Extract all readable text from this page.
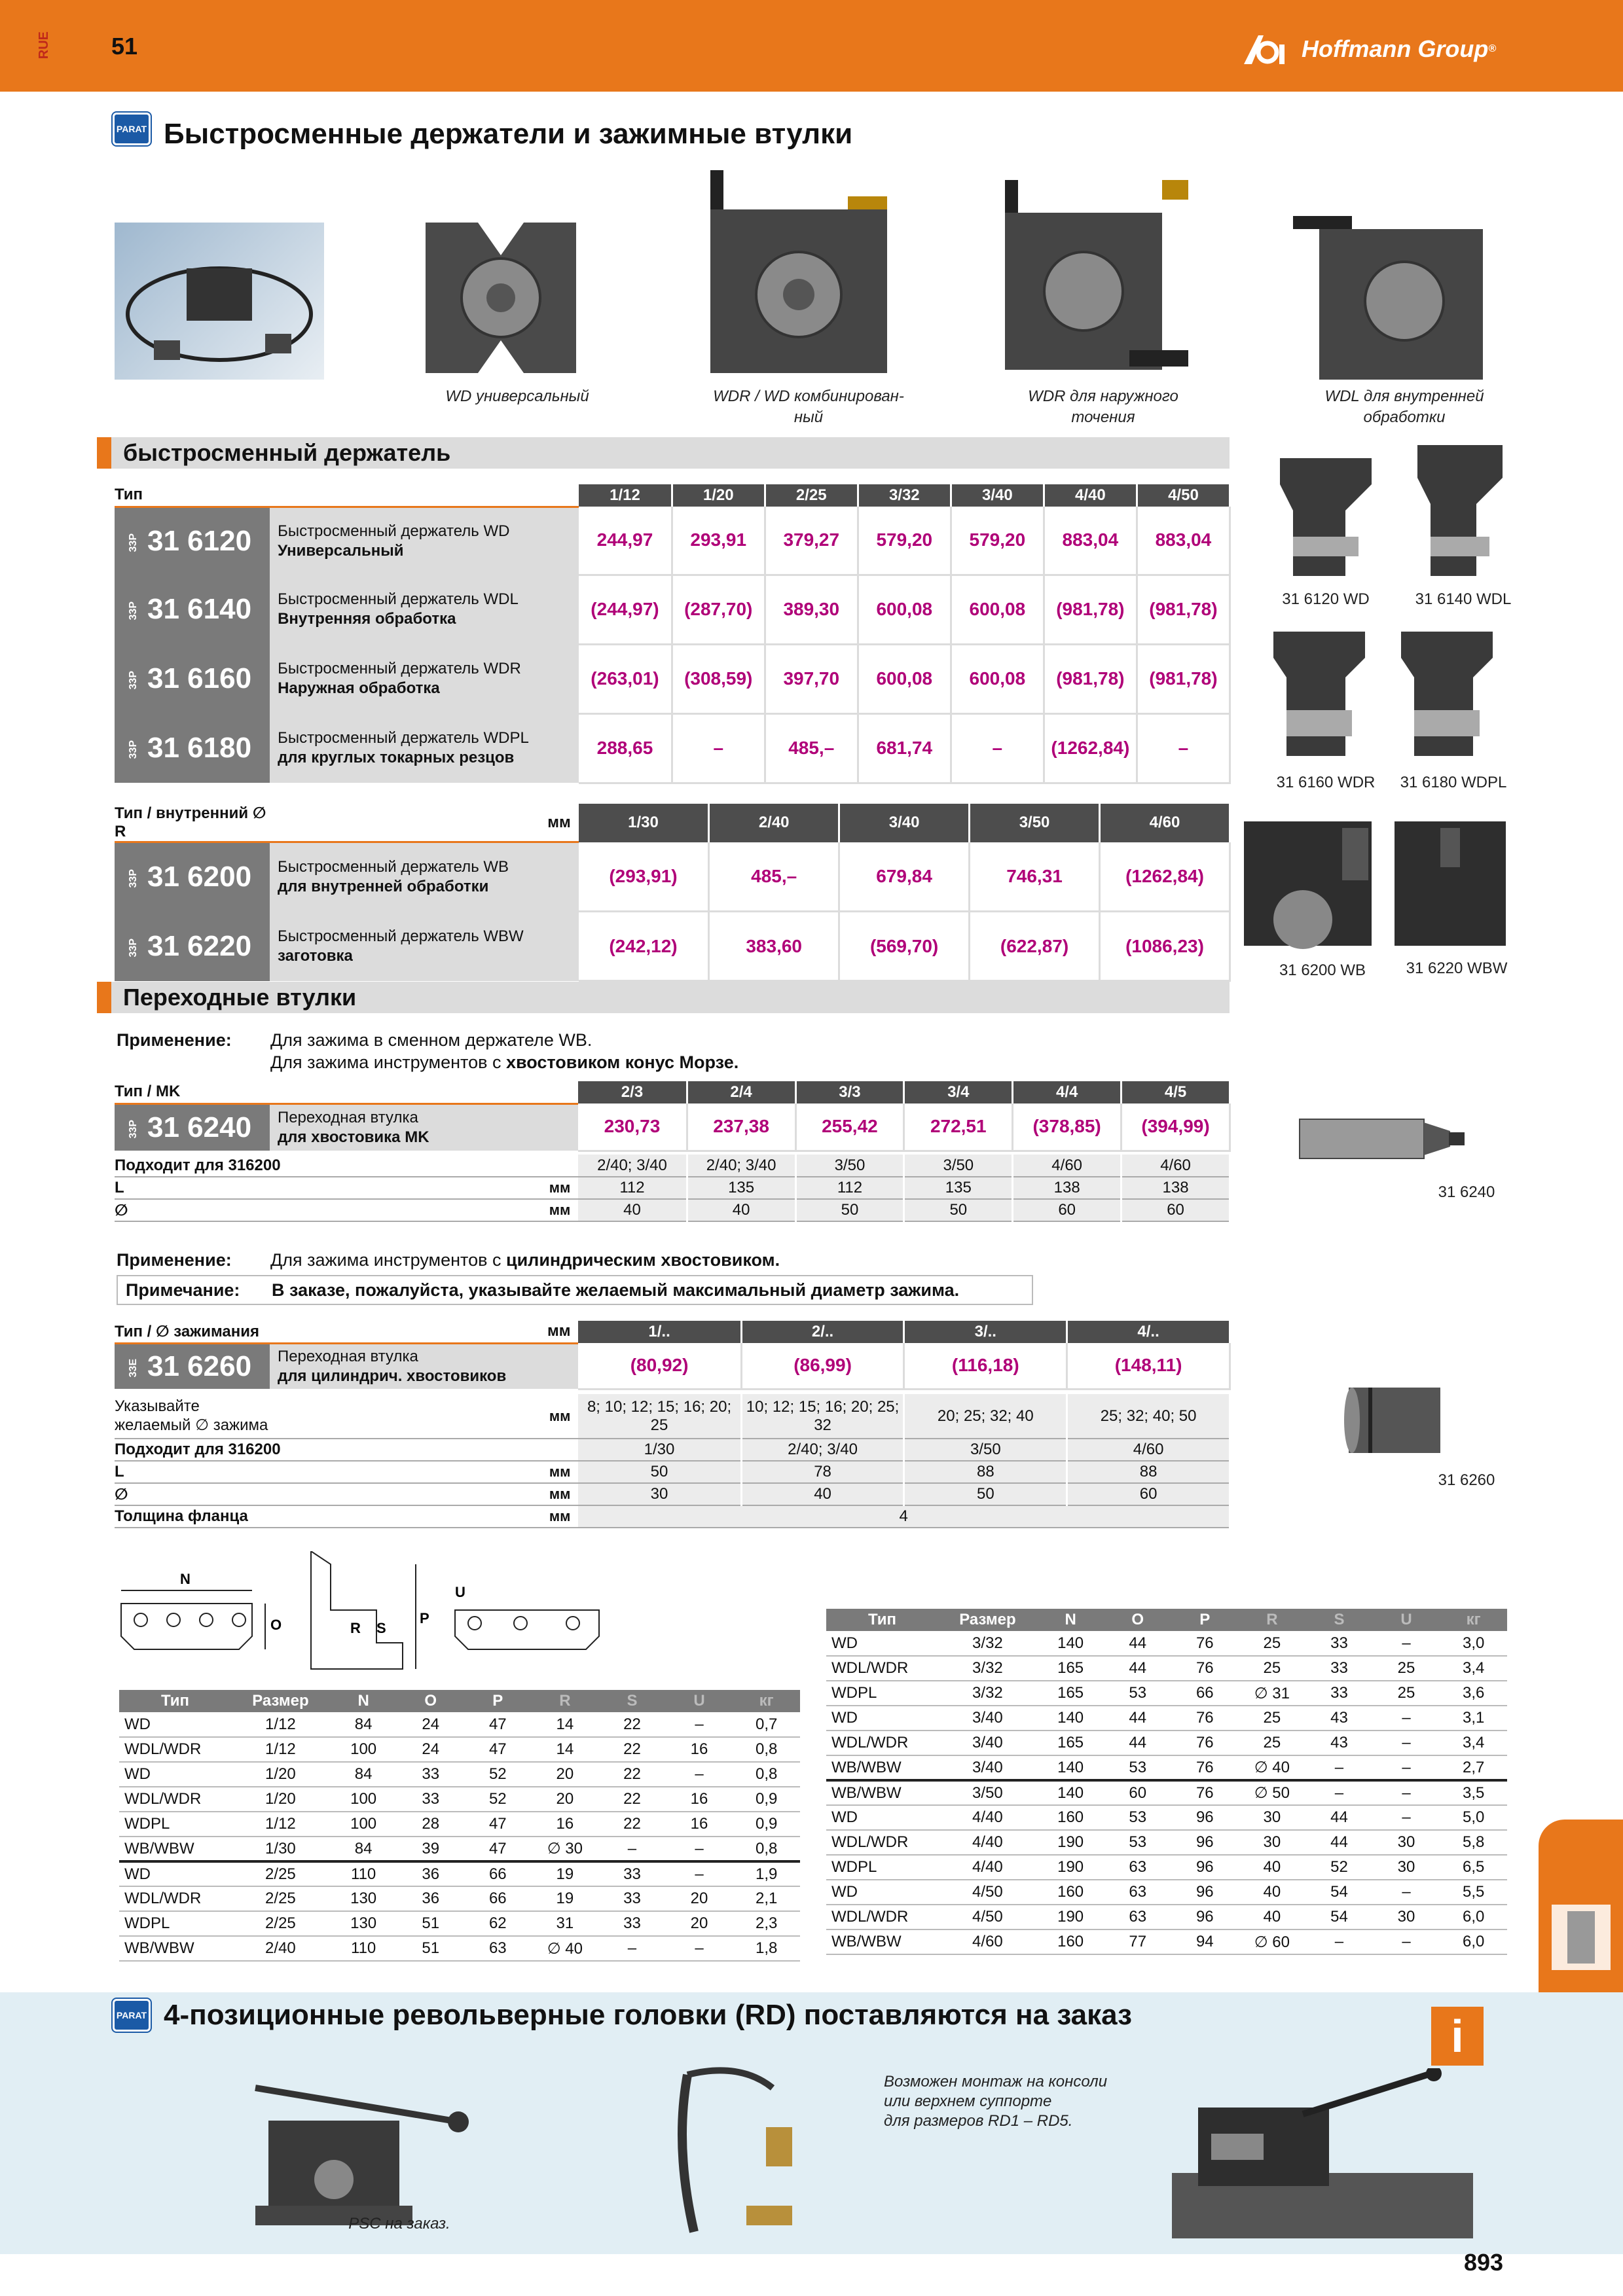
RUE	51	Hoffmann Group ®
PARAT Быстросменные держатели и зажимные втулки
WD универсальный	WDR / WD комбинирован-ный
WDR для наружного точения
WDL для внутренней обработки
быстросменный держатель
Тип		1/12	1/20	2/25	3/32	3/40	4/40	4/50
33P 31 6120	Быстросменный держатель WD
Универсальный	244,97	293,91	379,27	579,20	579,20	883,04	883,04
33P 31 6140	Быстросменный держатель WDL
Внутренняя обработка	(244,97)	(287,70)	389,30	600,08	600,08	(981,78)	(981,78)
33P 31 6160	Быстросменный держатель WDR
Наружная обработка	(263,01)	(308,59)	397,70	600,08	600,08	(981,78)	(981,78)
33P 31 6180	Быстросменный держатель WDPL
для круглых токарных резцов	288,65	–	485,–	681,74	–	(1262,84)	–
Тип / внутренний ∅ R	мм	1/30	2/40	3/40	3/50	4/60
33P 31 6200	Быстросменный держатель WB
для внутренней обработки	(293,91)	485,–	679,84	746,31	(1262,84)
33P 31 6220	Быстросменный держатель WBW
заготовка	(242,12)	383,60	(569,70)	(622,87)	(1086,23)
31 6120 WD	31 6140 WDL
31 6160 WDR	31 6180 WDPL
31 6200 WB	31 6220 WBW
Переходные втулки
Применение: Для зажима в сменном держателе WB.
Для зажима инструментов с хвостовиком конус Морзе.
Тип / MK		2/3	2/4	3/3	3/4	4/4	4/5
33P 31 6240	Переходная втулка
для хвостовика MK	230,73	237,38	255,42	272,51	(378,85)	(394,99)
Подходит для 316200		2/40; 3/40	2/40; 3/40	3/50	3/50	4/60	4/60
L	мм	112	135	112	135	138	138
∅	мм	40	40	50	50	60	60
31 6240
Применение: Для зажима инструментов с цилиндрическим хвостовиком.
Примечание: В заказе, пожалуйста, указывайте желаемый максимальный диаметр зажима.
Тип / ∅ зажимания	мм	1/..	2/..	3/..	4/..
33E 31 6260	Переходная втулка
для цилиндрич. хвостовиков	(80,92)	(86,99)	(116,18)	(148,11)
Указывайте желаемый ∅ зажима	мм	8; 10; 12; 15; 16; 20; 25	10; 12; 15; 16; 20; 25; 32	20; 25; 32; 40	25; 32; 40; 50
Подходит для 316200		1/30	2/40; 3/40	3/50	4/60
L	мм	50	78	88	88
∅	мм	30	40	50	60
Толщина фланца	мм	4			
31 6260
N
O	R S
P
U
Тип	Размер	N	O	P	R	S	U	кг
WD	1/12	84	24	47	14	22	–	0,7
WDL/WDR	1/12	100	24	47	14	22	16	0,8
WD	1/20	84	33	52	20	22	–	0,8
WDL/WDR	1/20	100	33	52	20	22	16	0,9
WDPL	1/12	100	28	47	16	22	16	0,9
WB/WBW	1/30	84	39	47	∅ 30	–	–	0,8
WD	2/25	110	36	66	19	33	–	1,9
WDL/WDR	2/25	130	36	66	19	33	20	2,1
WDPL	2/25	130	51	62	31	33	20	2,3
WB/WBW	2/40	110	51	63	∅ 40	–	–	1,8
Тип	Размер	N	O	P	R	S	U	кг
WD	3/32	140	44	76	25	33	–	3,0
WDL/WDR	3/32	165	44	76	25	33	25	3,4
WDPL	3/32	165	53	66	∅ 31	33	25	3,6
WD	3/40	140	44	76	25	43	–	3,1
WDL/WDR	3/40	165	44	76	25	43	–	3,4
WB/WBW	3/40	140	53	76	∅ 40	–	–	2,7
WB/WBW	3/50	140	60	76	∅ 50	–	–	3,5
WD	4/40	160	53	96	30	44	–	5,0
WDL/WDR	4/40	190	53	96	30	44	30	5,8
WDPL	4/40	190	63	96	40	52	30	6,5
WD	4/50	160	63	96	40	54	–	5,5
WDL/WDR	4/50	190	63	96	40	54	30	6,0
WB/WBW	4/60	160	77	94	∅ 60	–	–	6,0
PARAT 4-позиционные револьверные головки (RD) поставляются на заказ	i
PSC на заказ.
Возможен монтаж на консоли
или верхнем суппорте
для размеров RD1 – RD5.
893
